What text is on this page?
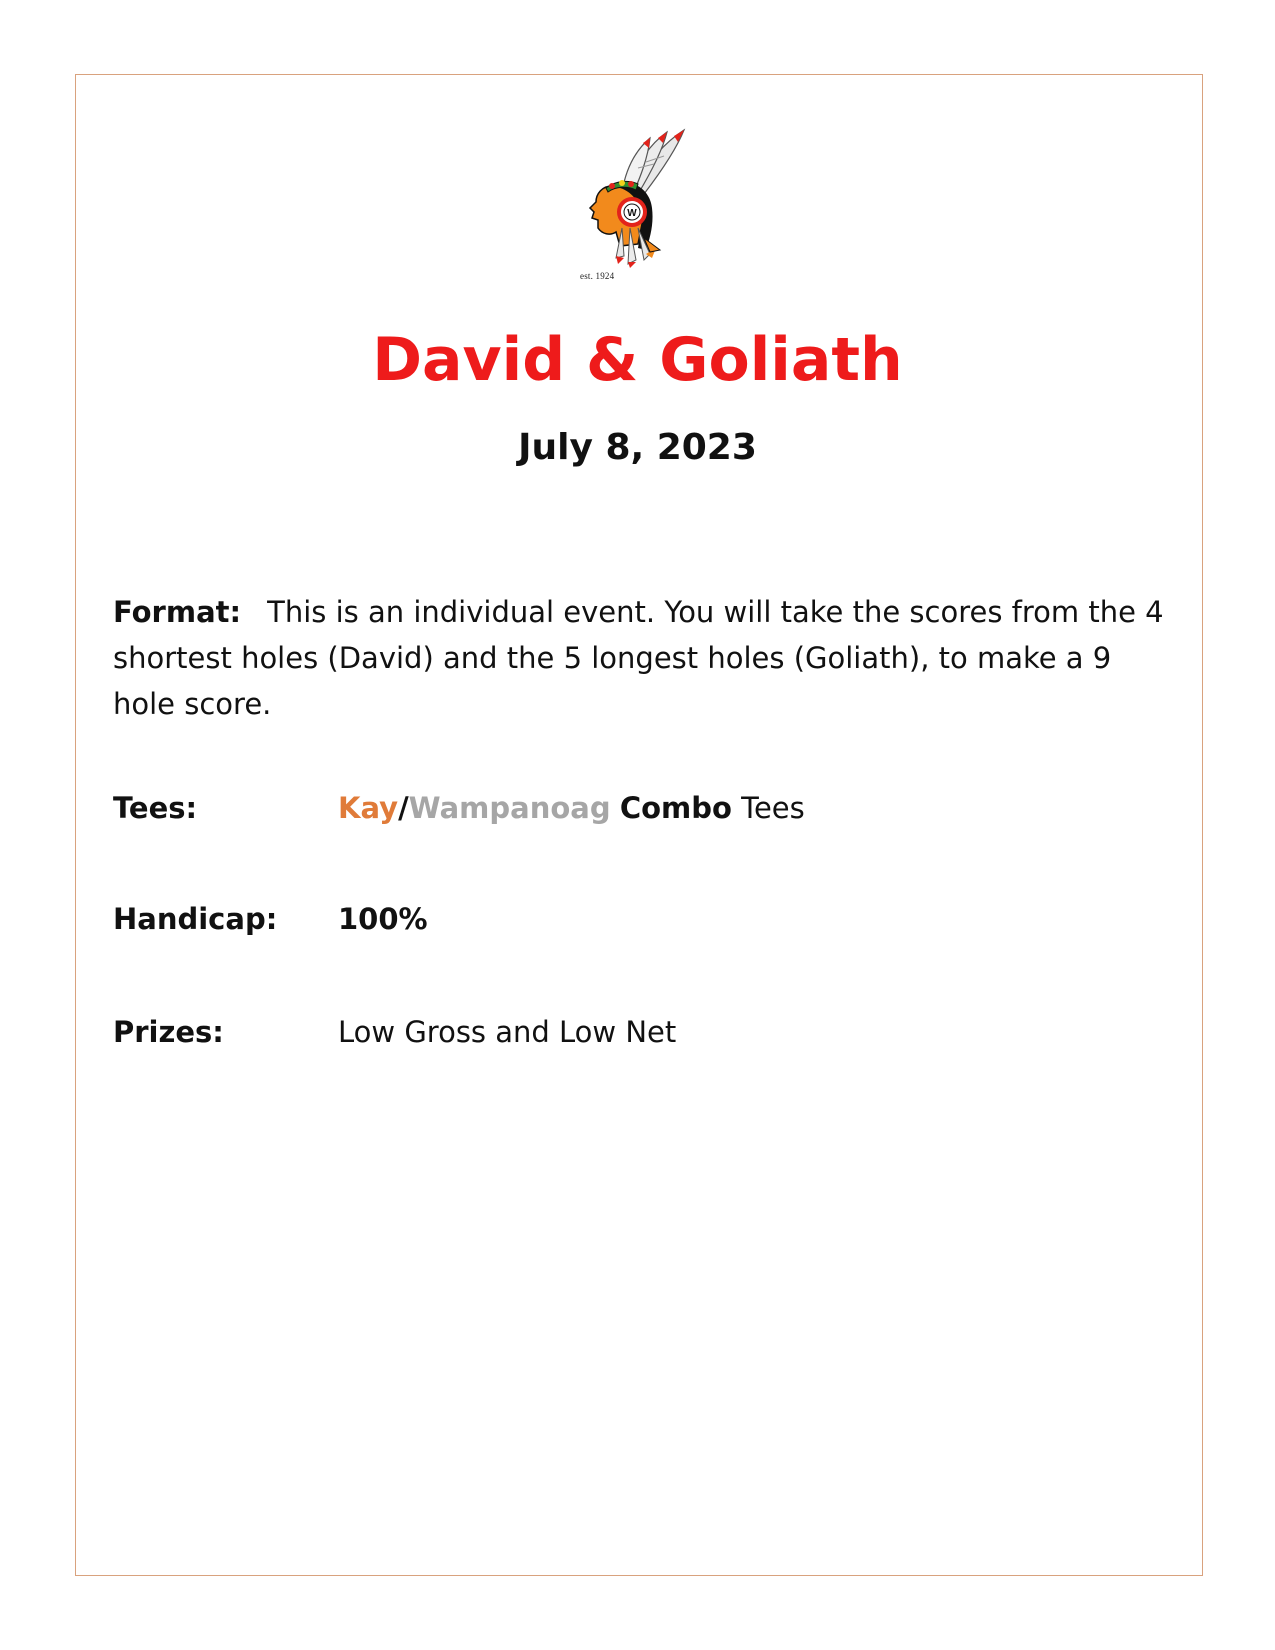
W
est. 1924
David & Goliath
July 8, 2023

Format: This is an individual event. You will take the scores from the 4 shortest holes (David) and the 5 longest holes (Goliath), to make a 9 hole score.

Tees:	Kay/Wampanoag Combo Tees
Handicap: 100%
Prizes:	Low Gross and Low Net
